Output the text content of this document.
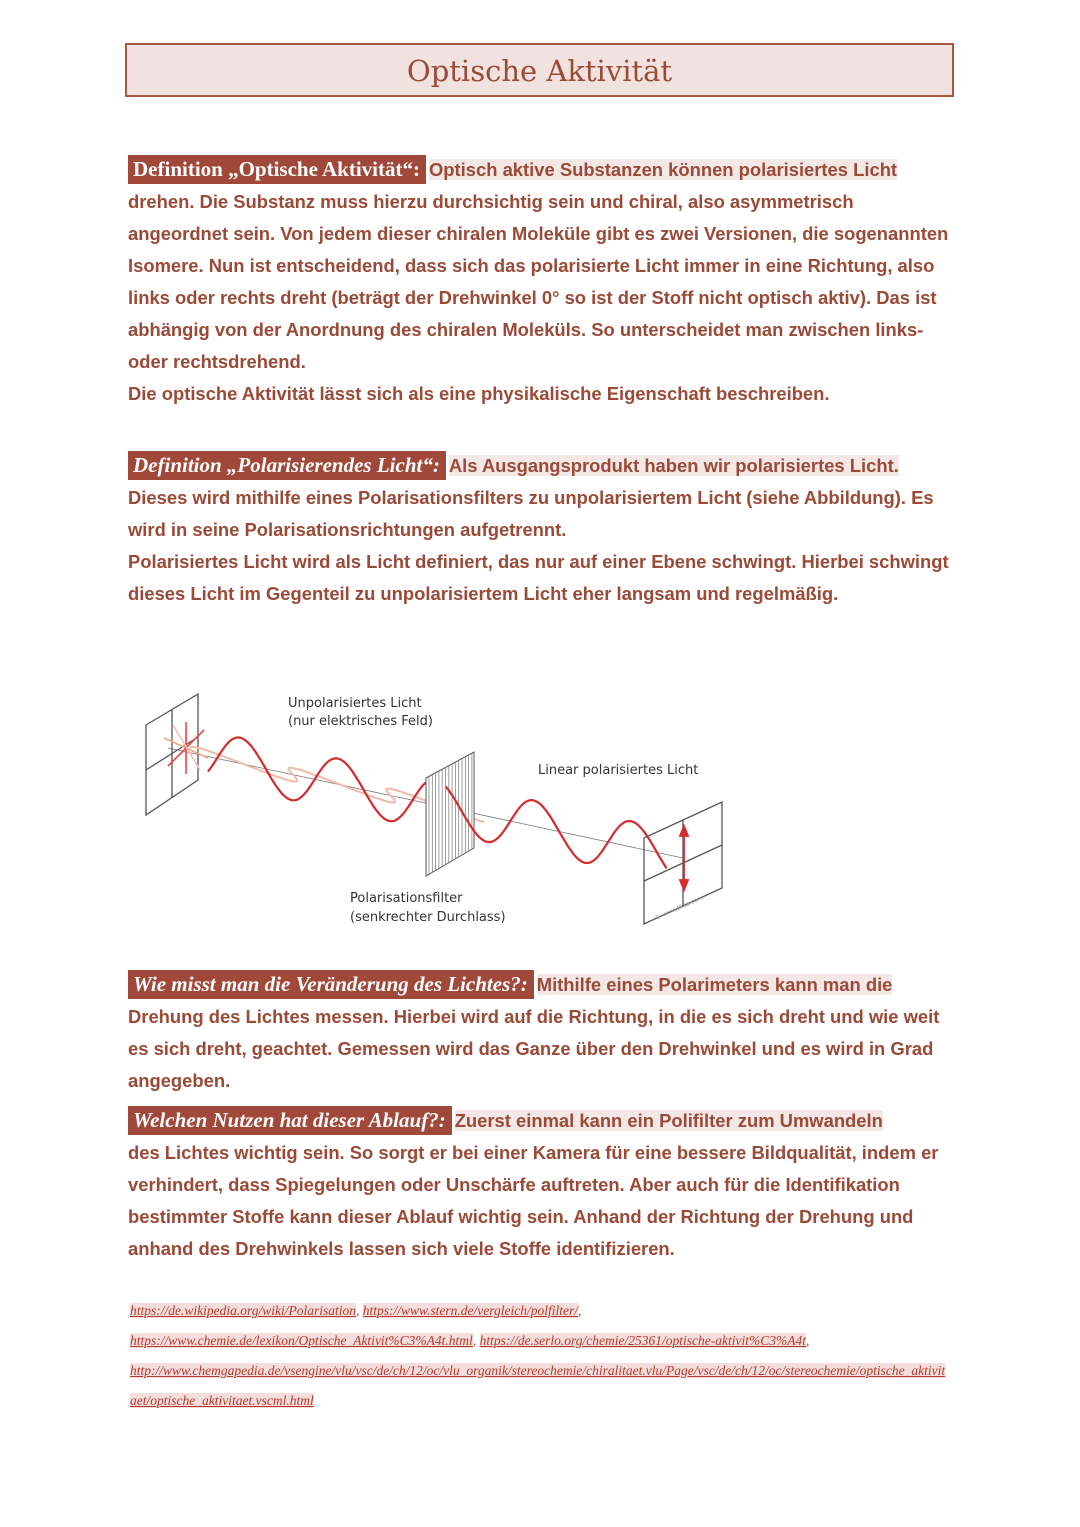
Optische Aktivität
Definition „Optische Aktivität“: Optisch aktive Substanzen können polarisiertes Licht
drehen. Die Substanz muss hierzu durchsichtig sein und chiral, also asymmetrisch angeordnet sein. Von jedem dieser chiralen Moleküle gibt es zwei Versionen, die sogenannten Isomere. Nun ist entscheidend, dass sich das polarisierte Licht immer in eine Richtung, also links oder rechts dreht (beträgt der Drehwinkel 0° so ist der Stoff nicht optisch aktiv). Das ist abhängig von der Anordnung des chiralen Moleküls. So unterscheidet man zwischen links- oder rechtsdrehend.
Die optische Aktivität lässt sich als eine physikalische Eigenschaft beschreiben.
Definition „Polarisierendes Licht“: Als Ausgangsprodukt haben wir polarisiertes Licht.
Dieses wird mithilfe eines Polarisationsfilters zu unpolarisiertem Licht (siehe Abbildung). Es wird in seine Polarisationsrichtungen aufgetrennt.
Polarisiertes Licht wird als Licht definiert, das nur auf einer Ebene schwingt. Hierbei schwingt dieses Licht im Gegenteil zu unpolarisiertem Licht eher langsam und regelmäßig.
Unpolarisiertes Licht
(nur elektrisches Feld)
Linear polarisiertes Licht
Polarisationsfilter
(senkrechter Durchlass)	© www.Bi2a.com
Wie misst man die Veränderung des Lichtes?: Mithilfe eines Polarimeters kann man die
Drehung des Lichtes messen. Hierbei wird auf die Richtung, in die es sich dreht und wie weit es sich dreht, geachtet. Gemessen wird das Ganze über den Drehwinkel und es wird in Grad angegeben.
Welchen Nutzen hat dieser Ablauf?: Zuerst einmal kann ein Polifilter zum Umwandeln
des Lichtes wichtig sein. So sorgt er bei einer Kamera für eine bessere Bildqualität, indem er verhindert, dass Spiegelungen oder Unschärfe auftreten. Aber auch für die Identifikation bestimmter Stoffe kann dieser Ablauf wichtig sein. Anhand der Richtung der Drehung und anhand des Drehwinkels lassen sich viele Stoffe identifizieren.
https://de.wikipedia.org/wiki/Polarisation, https://www.stern.de/vergleich/polfilter/,
https://www.chemie.de/lexikon/Optische_Aktivit%C3%A4t.html, https://de.serlo.org/chemie/25361/optische-aktivit%C3%A4t,
http://www.chemgapedia.de/vsengine/vlu/vsc/de/ch/12/oc/vlu_organik/stereochemie/chiralitaet.vlu/Page/vsc/de/ch/12/oc/stereochemie/optische_aktivitaet/optische_aktivitaet.vscml.html
